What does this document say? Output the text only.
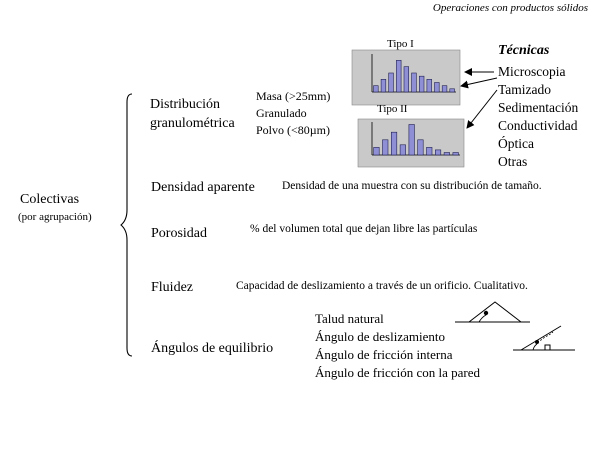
Operaciones con productos sólidos
Colectivas
(por agrupación)
Distribución
granulométrica
Densidad aparente
Porosidad
Fluidez
Ángulos de equilibrio
Masa (>25mm)
Granulado
Polvo (<80µm)
Densidad de una muestra con su distribución de tamaño.
% del volumen total que dejan libre las partículas
Capacidad de deslizamiento a través de un orificio. Cualitativo.
Tipo I
Tipo II
Técnicas
Microscopia
Tamizado
Sedimentación
Conductividad
Óptica
Otras
Talud natural
Ángulo de deslizamiento
Ángulo de fricción interna
Ángulo de fricción con la pared
